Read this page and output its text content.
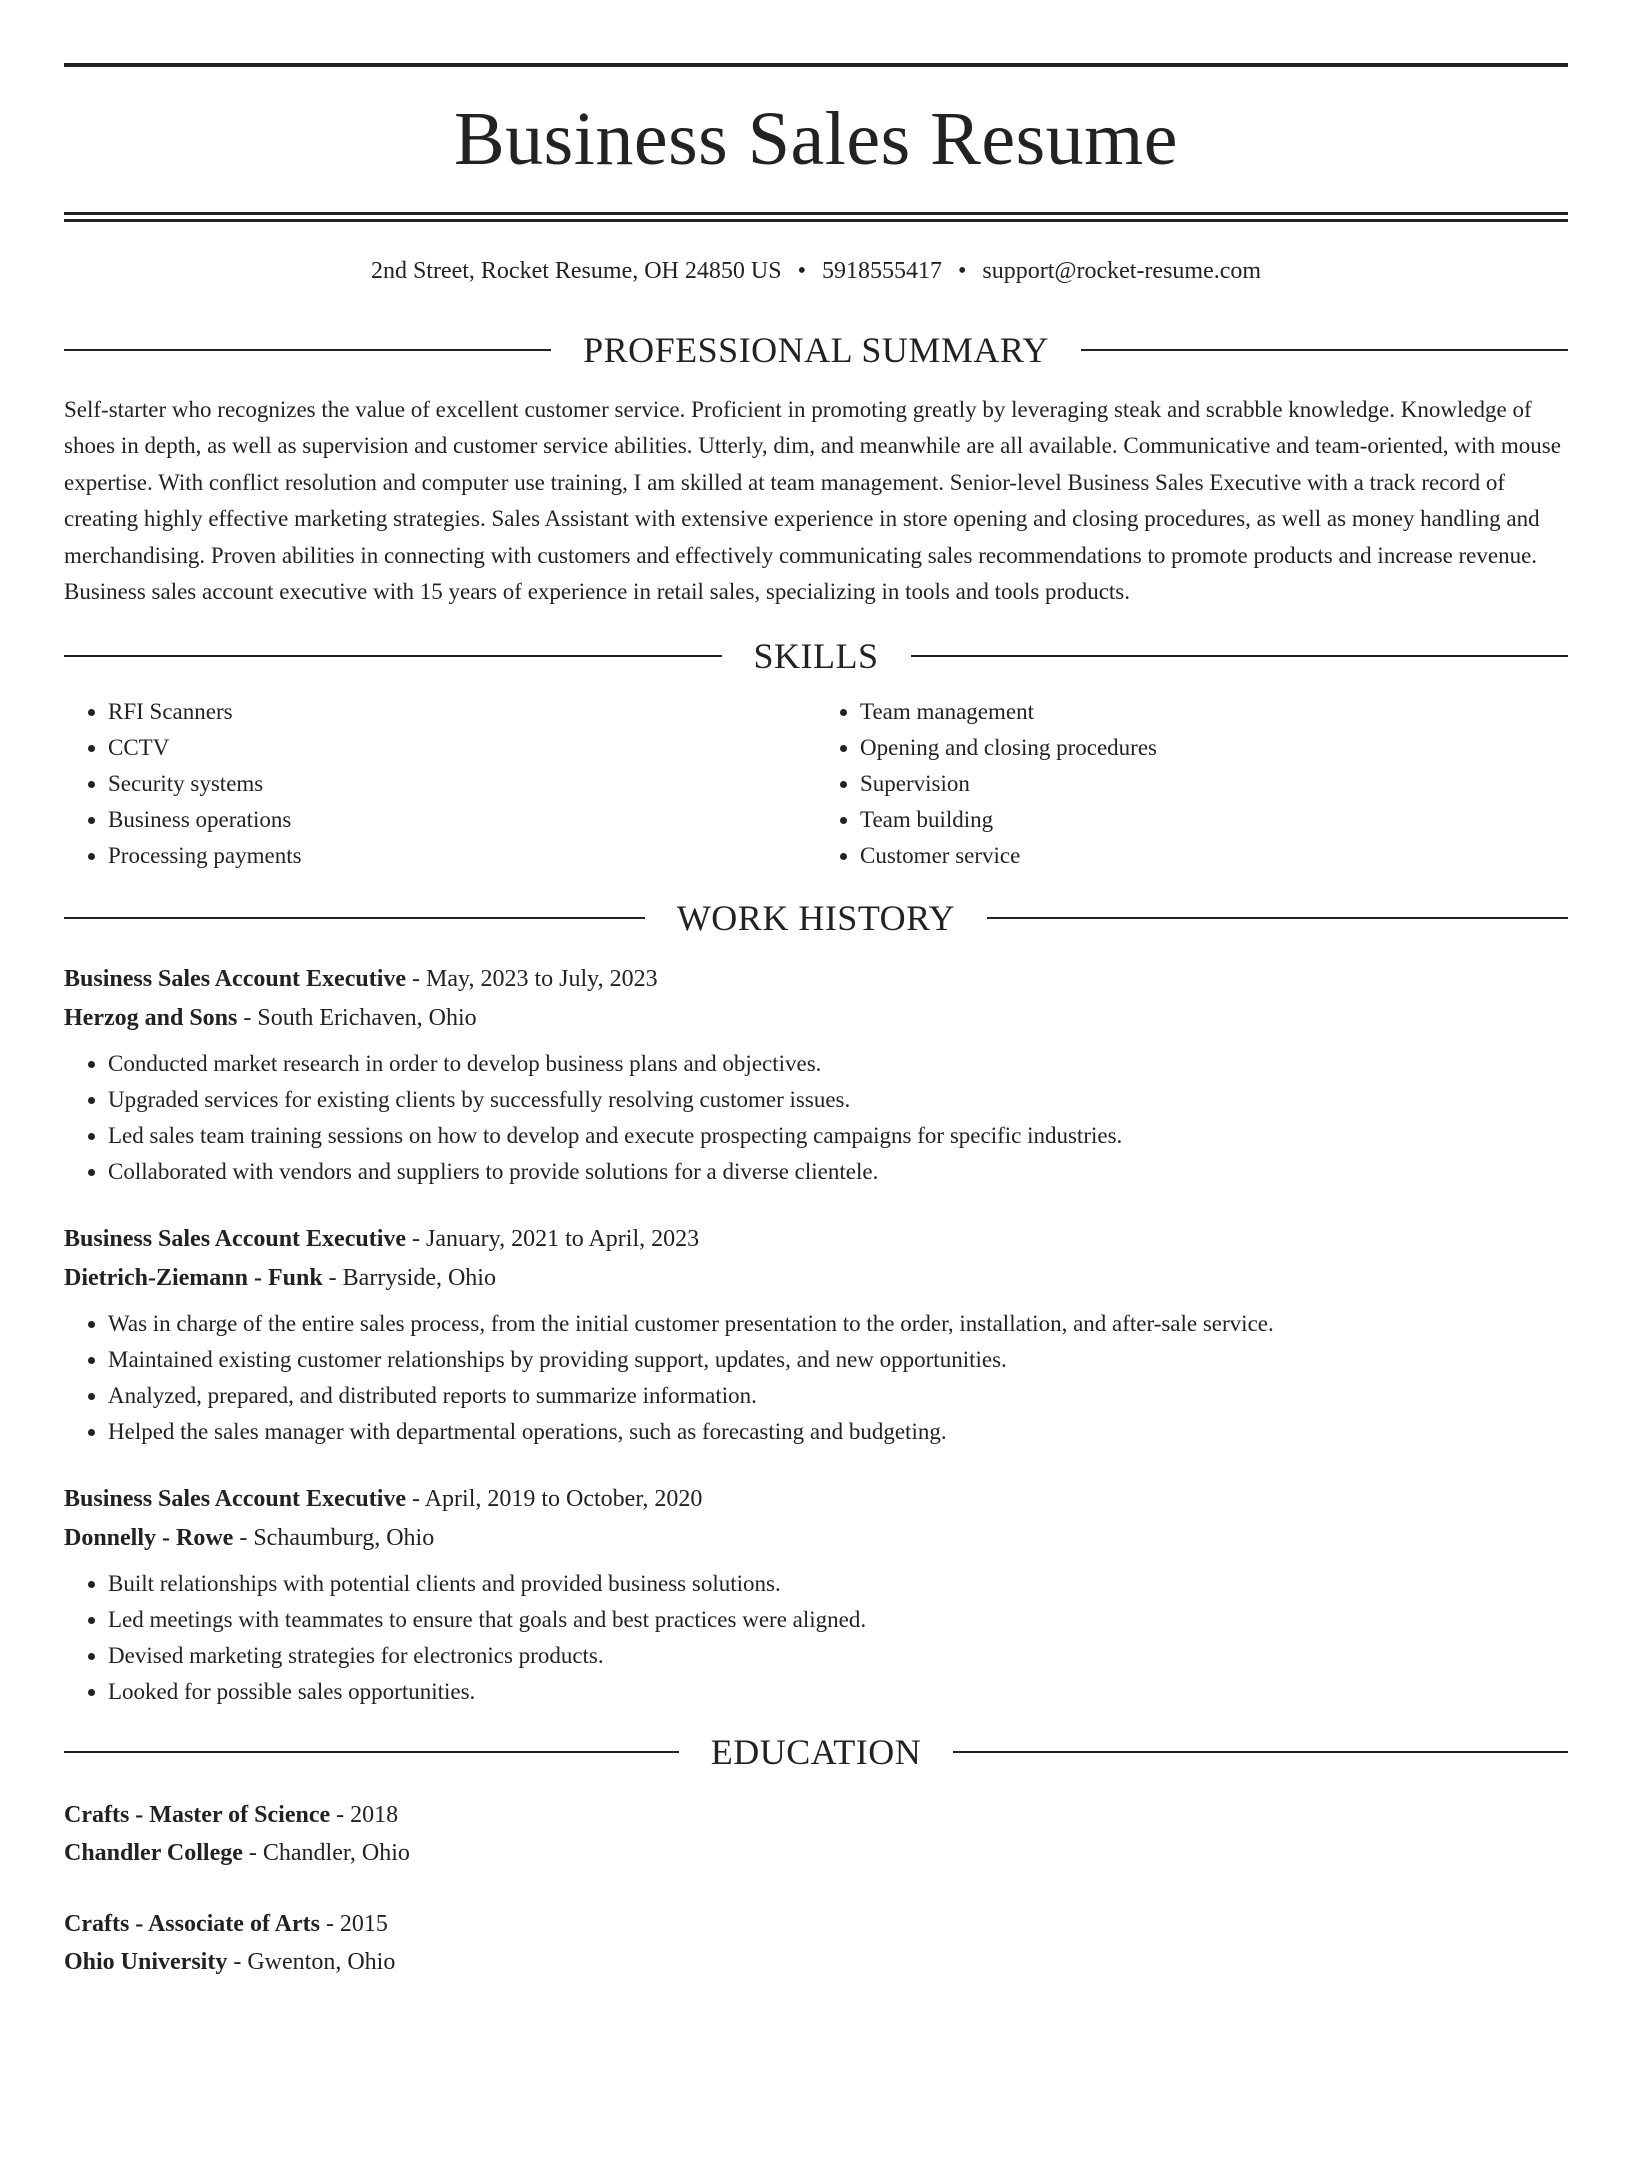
Business Sales Resume
2nd Street, Rocket Resume, OH 24850 US • 5918555417 • support@rocket-resume.com
PROFESSIONAL SUMMARY

Self-starter who recognizes the value of excellent customer service. Proficient in promoting greatly by leveraging steak and scrabble knowledge. Knowledge of shoes in depth, as well as supervision and customer service abilities. Utterly, dim, and meanwhile are all available. Communicative and team-oriented, with mouse expertise. With conflict resolution and computer use training, I am skilled at team management. Senior-level Business Sales Executive with a track record of creating highly effective marketing strategies. Sales Assistant with extensive experience in store opening and closing procedures, as well as money handling and merchandising. Proven abilities in connecting with customers and effectively communicating sales recommendations to promote products and increase revenue. Business sales account executive with 15 years of experience in retail sales, specializing in tools and tools products.

SKILLS
• RFI Scanners
• CCTV
• Security systems
• Business operations
• Processing payments
• Team management
• Opening and closing procedures
• Supervision
• Team building
• Customer service
WORK HISTORY
Business Sales Account Executive - May, 2023 to July, 2023
Herzog and Sons - South Erichaven, Ohio
• Conducted market research in order to develop business plans and objectives.
• Upgraded services for existing clients by successfully resolving customer issues.
• Led sales team training sessions on how to develop and execute prospecting campaigns for specific industries.
• Collaborated with vendors and suppliers to provide solutions for a diverse clientele.
Business Sales Account Executive - January, 2021 to April, 2023
Dietrich-Ziemann - Funk - Barryside, Ohio
• Was in charge of the entire sales process, from the initial customer presentation to the order, installation, and after-sale service.
• Maintained existing customer relationships by providing support, updates, and new opportunities.
• Analyzed, prepared, and distributed reports to summarize information.
• Helped the sales manager with departmental operations, such as forecasting and budgeting.
Business Sales Account Executive - April, 2019 to October, 2020
Donnelly - Rowe - Schaumburg, Ohio
• Built relationships with potential clients and provided business solutions.
• Led meetings with teammates to ensure that goals and best practices were aligned.
• Devised marketing strategies for electronics products.
• Looked for possible sales opportunities.
EDUCATION
Crafts - Master of Science - 2018
Chandler College - Chandler, Ohio
Crafts - Associate of Arts - 2015
Ohio University - Gwenton, Ohio
